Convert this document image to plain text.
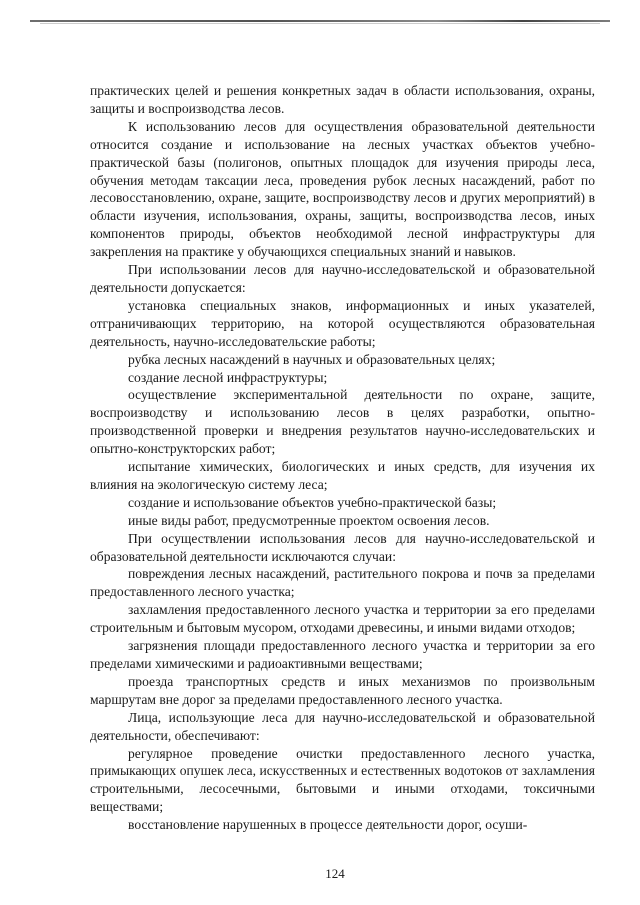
практических целей и решения конкретных задач в области использования, охраны, защиты и воспроизводства лесов.

К использованию лесов для осуществления образовательной деятельности относится создание и использование на лесных участках объектов учебно-практической базы (полигонов, опытных площадок для изучения природы леса, обучения методам таксации леса, проведения рубок лесных насаждений, работ по лесовосстановлению, охране, защите, воспроизводству лесов и других мероприятий) в области изучения, использования, охраны, защиты, воспроизводства лесов, иных компонентов природы, объектов необходимой лесной инфраструктуры для закрепления на практике у обучающихся специальных знаний и навыков.

При использовании лесов для научно-исследовательской и образовательной деятельности допускается:

установка специальных знаков, информационных и иных указателей, отграничивающих территорию, на которой осуществляются образовательная деятельность, научно-исследовательские работы;

рубка лесных насаждений в научных и образовательных целях;

создание лесной инфраструктуры;

осуществление экспериментальной деятельности по охране, защите, воспроизводству и использованию лесов в целях разработки, опытно-производственной проверки и внедрения результатов научно-исследовательских и опытно-конструкторских работ;

испытание химических, биологических и иных средств, для изучения их влияния на экологическую систему леса;

создание и использование объектов учебно-практической базы;

иные виды работ, предусмотренные проектом освоения лесов.

При осуществлении использования лесов для научно-исследовательской и образовательной деятельности исключаются случаи:

повреждения лесных насаждений, растительного покрова и почв за пределами предоставленного лесного участка;

захламления предоставленного лесного участка и территории за его пределами строительным и бытовым мусором, отходами древесины, и иными видами отходов;

загрязнения площади предоставленного лесного участка и территории за его пределами химическими и радиоактивными веществами;

проезда транспортных средств и иных механизмов по произвольным маршрутам вне дорог за пределами предоставленного лесного участка.

Лица, использующие леса для научно-исследовательской и образовательной деятельности, обеспечивают:

регулярное проведение очистки предоставленного лесного участка, примыкающих опушек леса, искусственных и естественных водотоков от захламления строительными, лесосечными, бытовыми и иными отходами, токсичными веществами;

восстановление нарушенных в процессе деятельности дорог, осуши-

124
